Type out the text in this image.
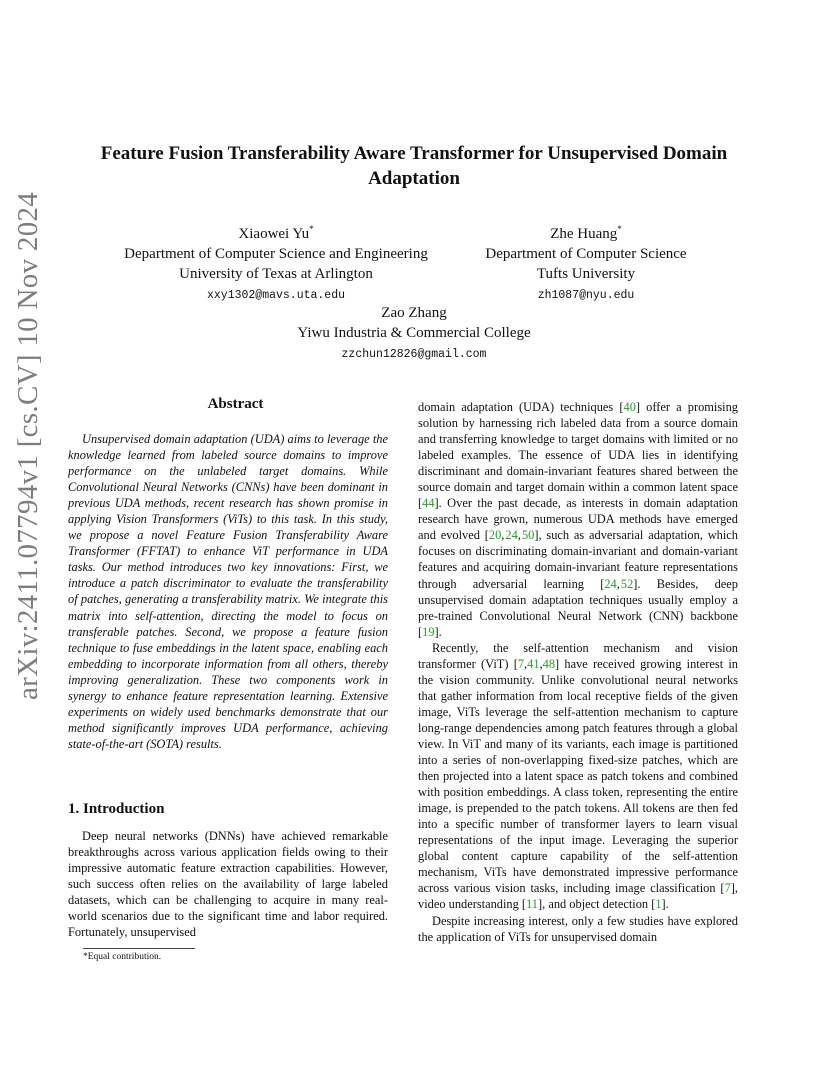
arXiv:2411.07794v1 [cs.CV] 10 Nov 2024
Feature Fusion Transferability Aware Transformer for Unsupervised Domain Adaptation
Xiaowei Yu*
Department of Computer Science and Engineering
University of Texas at Arlington
xxy1302@mavs.uta.edu
Zhe Huang*
Department of Computer Science
Tufts University
zh1087@nyu.edu
Zao Zhang
Yiwu Industria & Commercial College
zzchun12826@gmail.com
Abstract

Unsupervised domain adaptation (UDA) aims to leverage the knowledge learned from labeled source domains to improve performance on the unlabeled target domains. While Convolutional Neural Networks (CNNs) have been dominant in previous UDA methods, recent research has shown promise in applying Vision Transformers (ViTs) to this task. In this study, we propose a novel Feature Fusion Transferability Aware Transformer (FFTAT) to enhance ViT performance in UDA tasks. Our method introduces two key innovations: First, we introduce a patch discriminator to evaluate the transferability of patches, generating a transferability matrix. We integrate this matrix into self-attention, directing the model to focus on transferable patches. Second, we propose a feature fusion technique to fuse embeddings in the latent space, enabling each embedding to incorporate information from all others, thereby improving generalization. These two components work in synergy to enhance feature representation learning. Extensive experiments on widely used benchmarks demonstrate that our method significantly improves UDA performance, achieving state-of-the-art (SOTA) results.

1. Introduction

Deep neural networks (DNNs) have achieved remarkable breakthroughs across various application fields owing to their impressive automatic feature extraction capabilities. However, such success often relies on the availability of large labeled datasets, which can be challenging to acquire in many real-world scenarios due to the significant time and labor required. Fortunately, unsupervised

*Equal contribution.

domain adaptation (UDA) techniques [40] offer a promising solution by harnessing rich labeled data from a source domain and transferring knowledge to target domains with limited or no labeled examples. The essence of UDA lies in identifying discriminant and domain-invariant features shared between the source domain and target domain within a common latent space [44]. Over the past decade, as interests in domain adaptation research have grown, numerous UDA methods have emerged and evolved [20, 24, 50], such as adversarial adaptation, which focuses on discriminating domain-invariant and domain-variant features and acquiring domain-invariant feature representations through adversarial learning [24, 52]. Besides, deep unsupervised domain adaptation techniques usually employ a pre-trained Convolutional Neural Network (CNN) backbone [19].

Recently, the self-attention mechanism and vision transformer (ViT) [7,41,48] have received growing interest in the vision community. Unlike convolutional neural networks that gather information from local receptive fields of the given image, ViTs leverage the self-attention mechanism to capture long-range dependencies among patch features through a global view. In ViT and many of its variants, each image is partitioned into a series of non-overlapping fixed-size patches, which are then projected into a latent space as patch tokens and combined with position embeddings. A class token, representing the entire image, is prepended to the patch tokens. All tokens are then fed into a specific number of transformer layers to learn visual representations of the input image. Leveraging the superior global content capture capability of the self-attention mechanism, ViTs have demonstrated impressive performance across various vision tasks, including image classification [7], video understanding [11], and object detection [1].

Despite increasing interest, only a few studies have explored the application of ViTs for unsupervised domain
